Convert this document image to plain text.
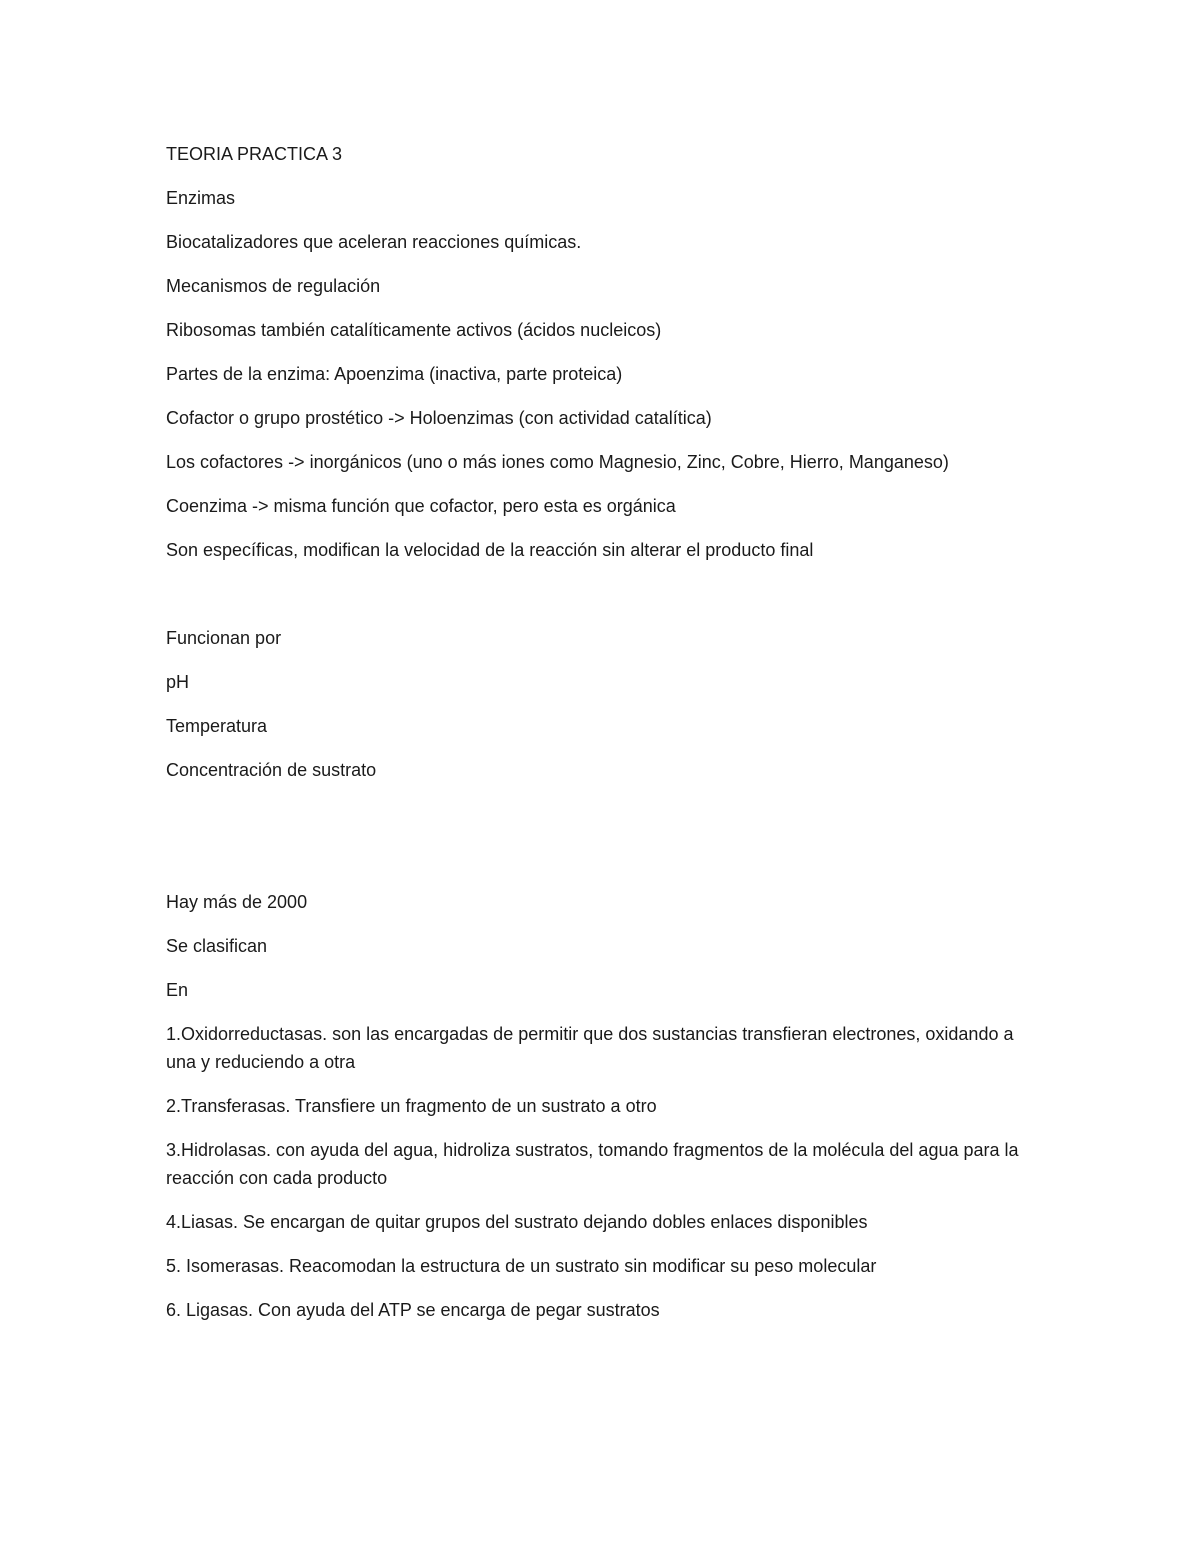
TEORIA PRACTICA 3

Enzimas

Biocatalizadores que aceleran reacciones químicas.

Mecanismos de regulación

Ribosomas también catalíticamente activos (ácidos nucleicos)

Partes de la enzima: Apoenzima (inactiva, parte proteica)

Cofactor o grupo prostético -> Holoenzimas (con actividad catalítica)

Los cofactores -> inorgánicos (uno o más iones como Magnesio, Zinc, Cobre, Hierro, Manganeso)

Coenzima -> misma función que cofactor, pero esta es orgánica

Son específicas, modifican la velocidad de la reacción sin alterar el producto final

Funcionan por

pH

Temperatura

Concentración de sustrato

Hay más de 2000

Se clasifican

En

1.Oxidorreductasas. son las encargadas de permitir que dos sustancias transfieran electrones, oxidando a una y reduciendo a otra

2.Transferasas. Transfiere un fragmento de un sustrato a otro

3.Hidrolasas. con ayuda del agua, hidroliza sustratos, tomando fragmentos de la molécula del agua para la reacción con cada producto

4.Liasas. Se encargan de quitar grupos del sustrato dejando dobles enlaces disponibles

5. Isomerasas. Reacomodan la estructura de un sustrato sin modificar su peso molecular

6. Ligasas. Con ayuda del ATP se encarga de pegar sustratos
